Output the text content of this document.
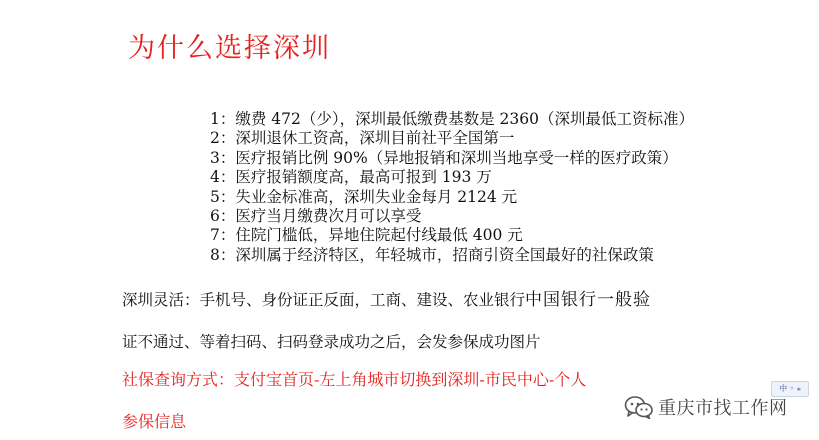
为什么选择深圳
1：缴费 472（少），深圳最低缴费基数是 2360（深圳最低工资标准）
2：深圳退休工资高，深圳目前社平全国第一
3：医疗报销比例 90%（异地报销和深圳当地享受一样的医疗政策）
4：医疗报销额度高，最高可报到 193 万
5：失业金标准高，深圳失业金每月 2124 元
6：医疗当月缴费次月可以享受
7：住院门槛低，异地住院起付线最低 400 元
8：深圳属于经济特区，年轻城市，招商引资全国最好的社保政策
深圳灵活：手机号、身份证正反面，工商、建设、农业银行中国银行一般验
证不通过、等着扫码、扫码登录成功之后，会发参保成功图片
社保查询方式：支付宝首页-左上角城市切换到深圳-市民中心-个人
参保信息
中 ◦ ⁎
重庆市找工作网
